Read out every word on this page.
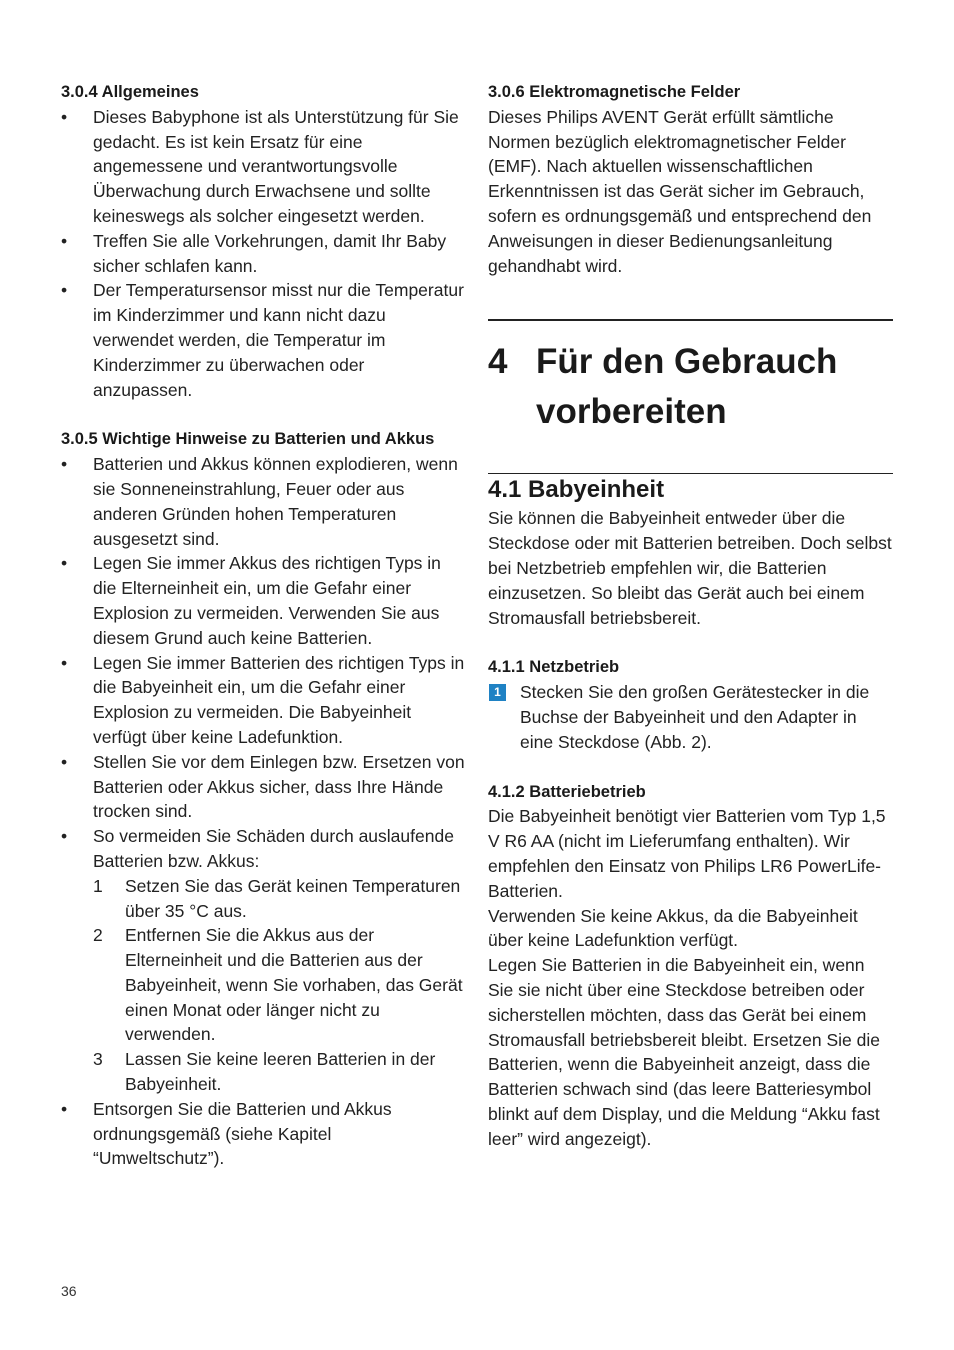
3.0.4 Allgemeines
• Dieses Babyphone ist als Unterstützung für Sie gedacht. Es ist kein Ersatz für eine angemessene und verantwortungsvolle Überwachung durch Erwachsene und sollte keineswegs als solcher eingesetzt werden.
• Treffen Sie alle Vorkehrungen, damit Ihr Baby sicher schlafen kann.
• Der Temperatursensor misst nur die Temperatur im Kinderzimmer und kann nicht dazu verwendet werden, die Temperatur im Kinderzimmer zu überwachen oder anzupassen.
3.0.5 Wichtige Hinweise zu Batterien und Akkus
• Batterien und Akkus können explodieren, wenn sie Sonneneinstrahlung, Feuer oder aus anderen Gründen hohen Temperaturen ausgesetzt sind.
• Legen Sie immer Akkus des richtigen Typs in die Elterneinheit ein, um die Gefahr einer Explosion zu vermeiden. Verwenden Sie aus diesem Grund auch keine Batterien.
• Legen Sie immer Batterien des richtigen Typs in die Babyeinheit ein, um die Gefahr einer Explosion zu vermeiden. Die Babyeinheit verfügt über keine Ladefunktion.
• Stellen Sie vor dem Einlegen bzw. Ersetzen von Batterien oder Akkus sicher, dass Ihre Hände trocken sind.
• So vermeiden Sie Schäden durch auslaufende Batterien bzw. Akkus:
1 Setzen Sie das Gerät keinen Temperaturen über 35 °C aus.
2 Entfernen Sie die Akkus aus der Elterneinheit und die Batterien aus der Babyeinheit, wenn Sie vorhaben, das Gerät einen Monat oder länger nicht zu verwenden.
3 Lassen Sie keine leeren Batterien in der Babyeinheit.
• Entsorgen Sie die Batterien und Akkus ordnungsgemäß (siehe Kapitel “Umweltschutz”).
3.0.6 Elektromagnetische Felder
Dieses Philips AVENT Gerät erfüllt sämtliche Normen bezüglich elektromagnetischer Felder (EMF). Nach aktuellen wissenschaftlichen Erkenntnissen ist das Gerät sicher im Gebrauch, sofern es ordnungsgemäß und entsprechend den Anweisungen in dieser Bedienungsanleitung gehandhabt wird.
4 Für den Gebrauch vorbereiten
4.1 Babyeinheit
Sie können die Babyeinheit entweder über die Steckdose oder mit Batterien betreiben. Doch selbst bei Netzbetrieb empfehlen wir, die Batterien einzusetzen. So bleibt das Gerät auch bei einem Stromausfall betriebsbereit.
4.1.1 Netzbetrieb
1 Stecken Sie den großen Gerätestecker in die Buchse der Babyeinheit und den Adapter in eine Steckdose (Abb. 2).
4.1.2 Batteriebetrieb
Die Babyeinheit benötigt vier Batterien vom Typ 1,5 V R6 AA (nicht im Lieferumfang enthalten). Wir empfehlen den Einsatz von Philips LR6 PowerLife-Batterien.
Verwenden Sie keine Akkus, da die Babyeinheit über keine Ladefunktion verfügt.
Legen Sie Batterien in die Babyeinheit ein, wenn Sie sie nicht über eine Steckdose betreiben oder sicherstellen möchten, dass das Gerät bei einem Stromausfall betriebsbereit bleibt. Ersetzen Sie die Batterien, wenn die Babyeinheit anzeigt, dass die Batterien schwach sind (das leere Batteriesymbol blinkt auf dem Display, und die Meldung “Akku fast leer” wird angezeigt).
36
